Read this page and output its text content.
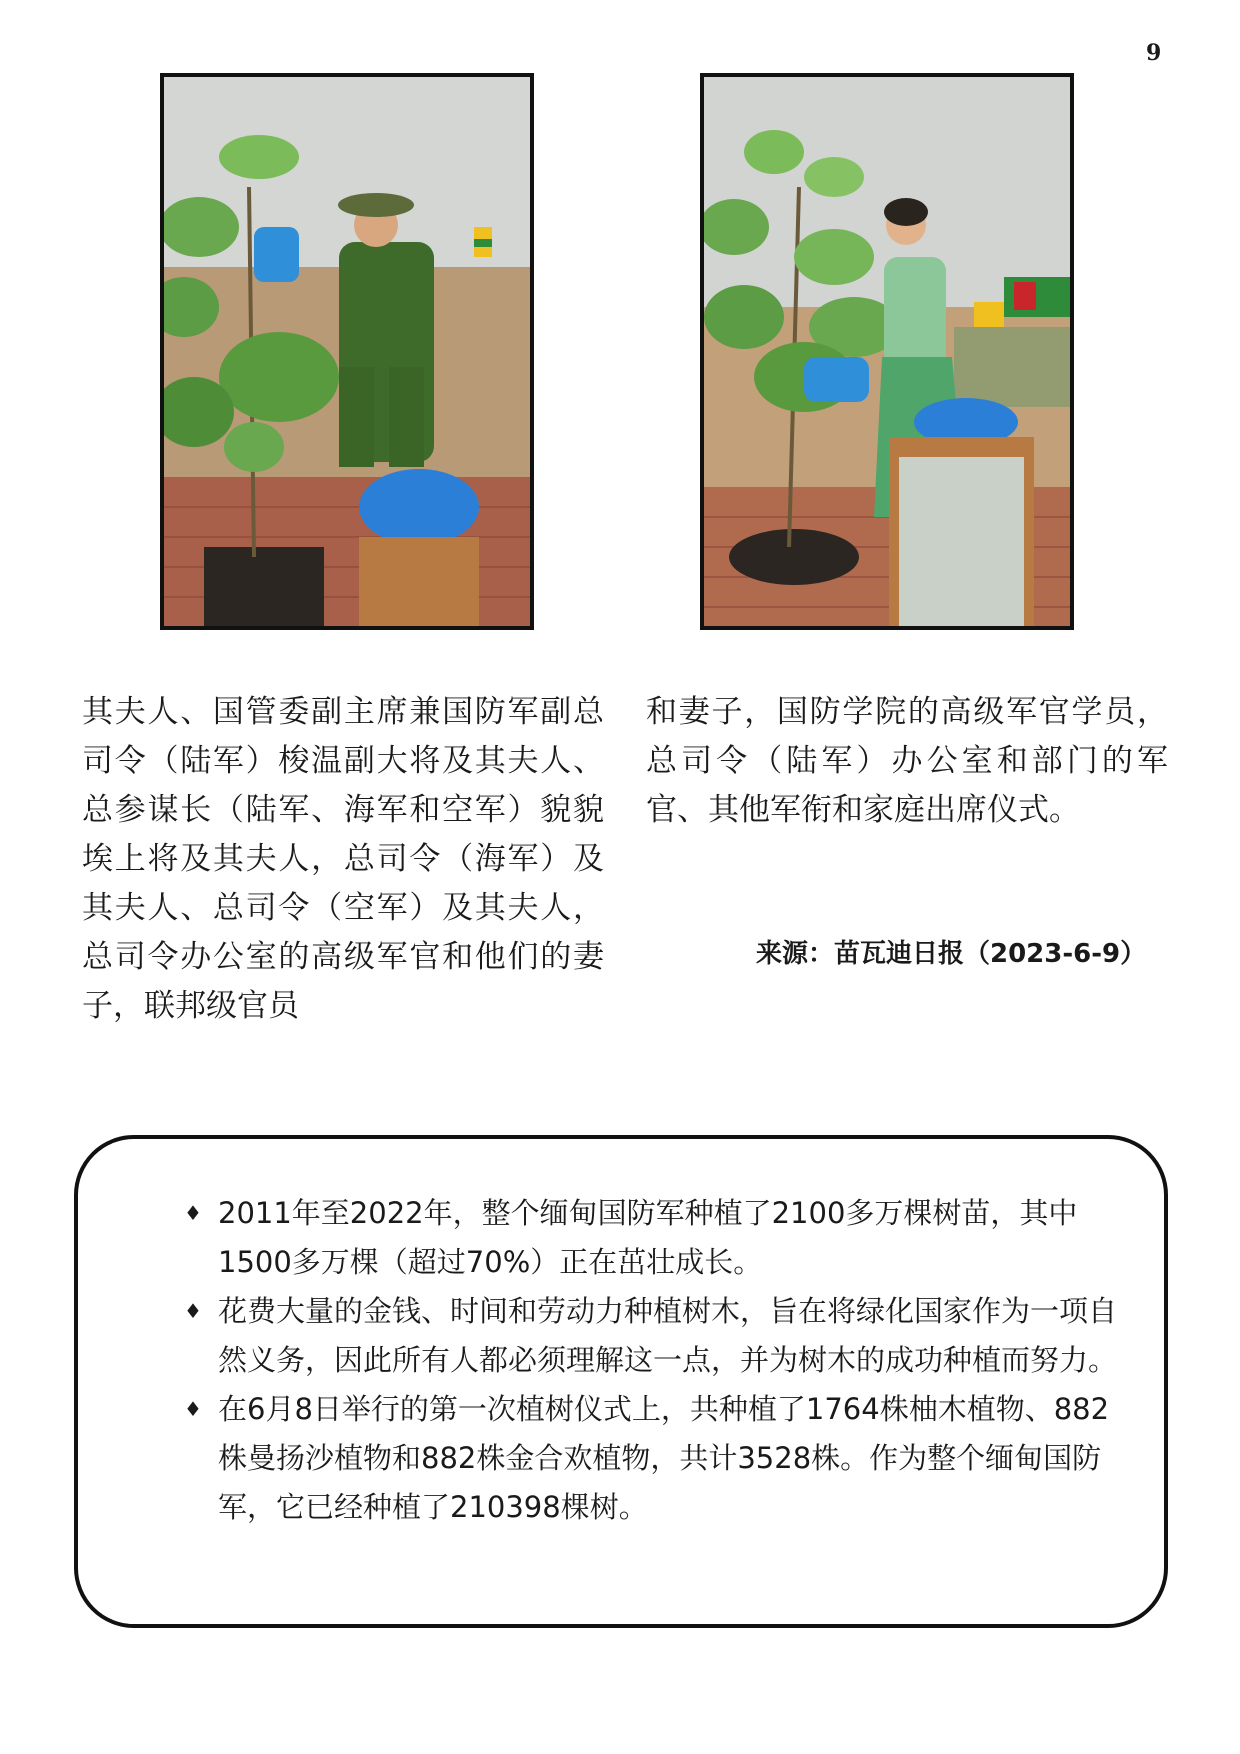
9
其夫人、国管委副主席兼国防军副总司令（陆军）梭温副大将及其夫人、总参谋长（陆军、海军和空军）貌貌埃上将及其夫人，总司令（海军）及其夫人、总司令（空军）及其夫人，总司令办公室的高级军官和他们的妻子，联邦级官员
和妻子，国防学院的高级军官学员，总司令（陆军）办公室和部门的军官、其他军衔和家庭出席仪式。
来源：苗瓦迪日报（2023-6-9）
♦ 2011年至2022年，整个缅甸国防军种植了2100多万棵树苗，其中1500多万棵（超过70%）正在茁壮成长。
♦ 花费大量的金钱、时间和劳动力种植树木，旨在将绿化国家作为一项自然义务，因此所有人都必须理解这一点，并为树木的成功种植而努力。
♦ 在6月8日举行的第一次植树仪式上，共种植了1764株柚木植物、882株曼扬沙植物和882株金合欢植物，共计3528株。作为整个缅甸国防军，它已经种植了210398棵树。
